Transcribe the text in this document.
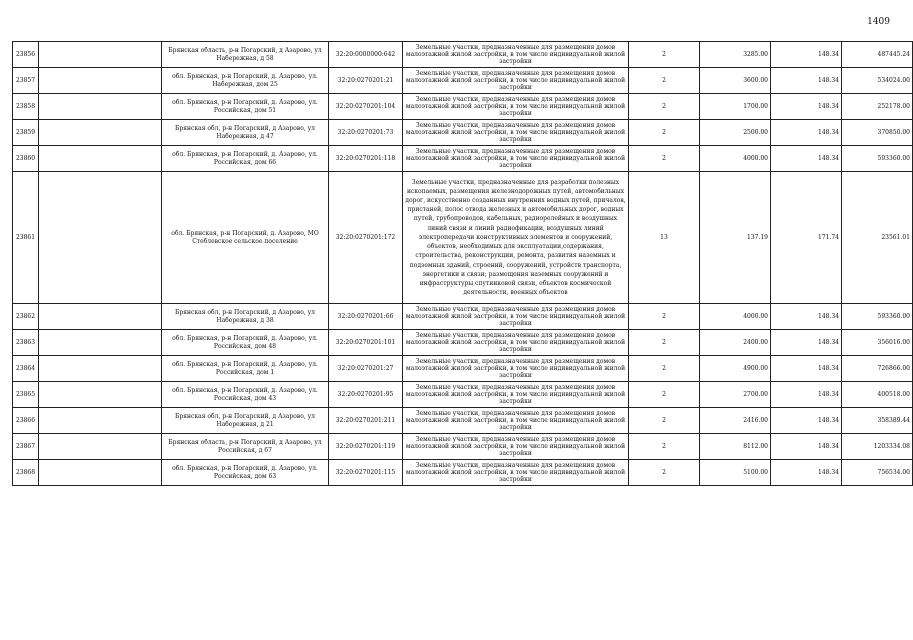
1409
23856		Брянская область, р-н Погарский, д Азарово, ул Набережная, д 58	32:20:0000000:642	Земельные участки, предназначенные для размещения домов малоэтажной жилой застройки, в том числе индивидуальной жилой застройки	2	3285.00	148.34	487445.24
23857		обл. Брянская, р-н Погарский, д. Азарово, ул. Набережная, дом 25	32:20:0270201:21	Земельные участки, предназначенные для размещения домов малоэтажной жилой застройки, в том числе индивидуальной жилой застройки	2	3600.00	148.34	534024.00
23858		обл. Брянская, р-н Погарский, д. Азарово, ул. Российская, дом 51	32:20:0270201:104	Земельные участки, предназначенные для размещения домов малоэтажной жилой застройки, в том числе индивидуальной жилой застройки	2	1700.00	148.34	252178.00
23859		Брянская обл, р-н Погарский, д Азарово, ул Набережная, д 47	32:20:0270201:73	Земельные участки, предназначенные для размещения домов малоэтажной жилой застройки, в том числе индивидуальной жилой застройки	2	2500.00	148.34	370850.00
23860		обл. Брянская, р-н Погарский, д. Азарово, ул. Российская, дом 66	32:20:0270201:118	Земельные участки, предназначенные для размещения домов малоэтажной жилой застройки, в том числе индивидуальной жилой застройки	2	4000.00	148.34	593360.00
23861		обл. Брянская, р-н Погарский, д. Азарово, МО Стеблевское сельское поселение	32:20:0270201:172	Земельные участки, предназначенные для разработки полезных ископаемых, размещения железнодорожных путей, автомобильных дорог, искусственно созданных внутренних водных путей, причалов, пристаней, полос отвода железных и автомобильных дорог, водных путей, трубопроводов, кабельных, радиорелейных и воздушных линий связи и линий радиофикации, воздушных линий электропередачи конструктивных элементов и сооружений, объектов, необходимых для эксплуатации,содержания, строительства, реконструкции, ремонта, развития наземных и подземных зданий, строений, сооружений, устройств транспорта, энергетики и связи; размещения наземных сооружений и инфраструктуры спутниковой связи, объектов космической деятельности, военных объектов	13	137.19	171.74	23561.01
23862		Брянская обл, р-н Погарский, д Азарово, ул Набережная, д 38	32:20:0270201:66	Земельные участки, предназначенные для размещения домов малоэтажной жилой застройки, в том числе индивидуальной жилой застройки	2	4000.00	148.34	593360.00
23863		обл. Брянская, р-н Погарский, д. Азарово, ул. Российская, дом 48	32:20:0270201:101	Земельные участки, предназначенные для размещения домов малоэтажной жилой застройки, в том числе индивидуальной жилой застройки	2	2400.00	148.34	356016.00
23864		обл. Брянская, р-н Погарский, д. Азарово, ул. Российская, дом 1	32:20:0270201:27	Земельные участки, предназначенные для размещения домов малоэтажной жилой застройки, в том числе индивидуальной жилой застройки	2	4900.00	148.34	726866.00
23865		обл. Брянская, р-н Погарский, д. Азарово, ул. Российская, дом 43	32:20:0270201:95	Земельные участки, предназначенные для размещения домов малоэтажной жилой застройки, в том числе индивидуальной жилой застройки	2	2700.00	148.34	400518.00
23866		Брянская обл, р-н Погарский, д Азарово, ул Набережная, д 21	32:20:0270201:211	Земельные участки, предназначенные для размещения домов малоэтажной жилой застройки, в том числе индивидуальной жилой застройки	2	2416.00	148.34	358389.44
23867		Брянская область, р-н Погарский, д Азарово, ул Российская, д 67	32:20:0270201:119	Земельные участки, предназначенные для размещения домов малоэтажной жилой застройки, в том числе индивидуальной жилой застройки	2	8112.00	148.34	1203334.08
23868		обл. Брянская, р-н Погарский, д. Азарово, ул. Российская, дом 63	32:20:0270201:115	Земельные участки, предназначенные для размещения домов малоэтажной жилой застройки, в том числе индивидуальной жилой застройки	2	5100.00	148.34	756534.00
